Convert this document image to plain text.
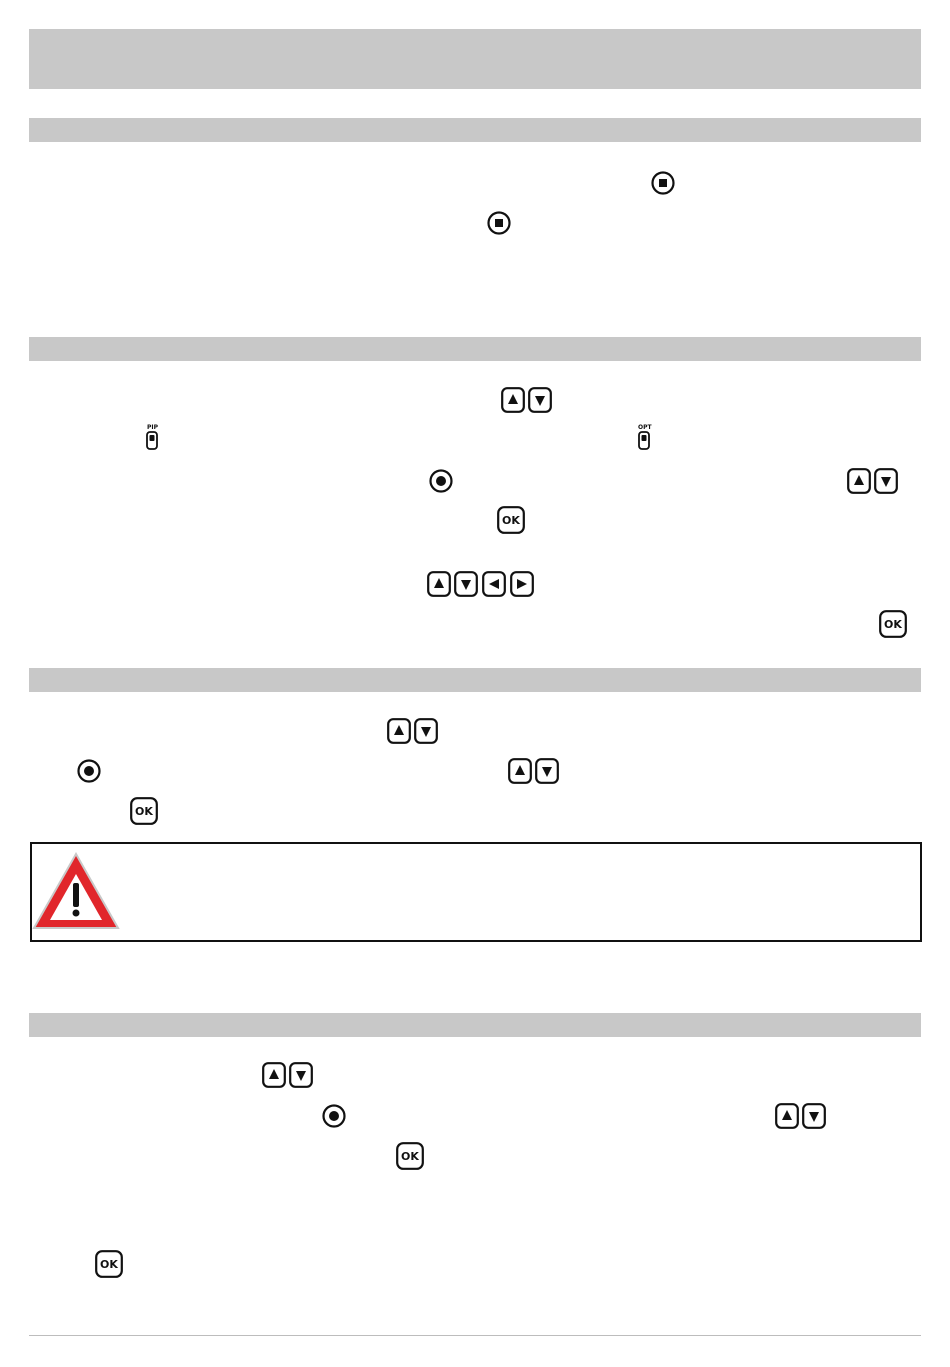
PIP	OPT
OK
OK
OK
OK
OK
